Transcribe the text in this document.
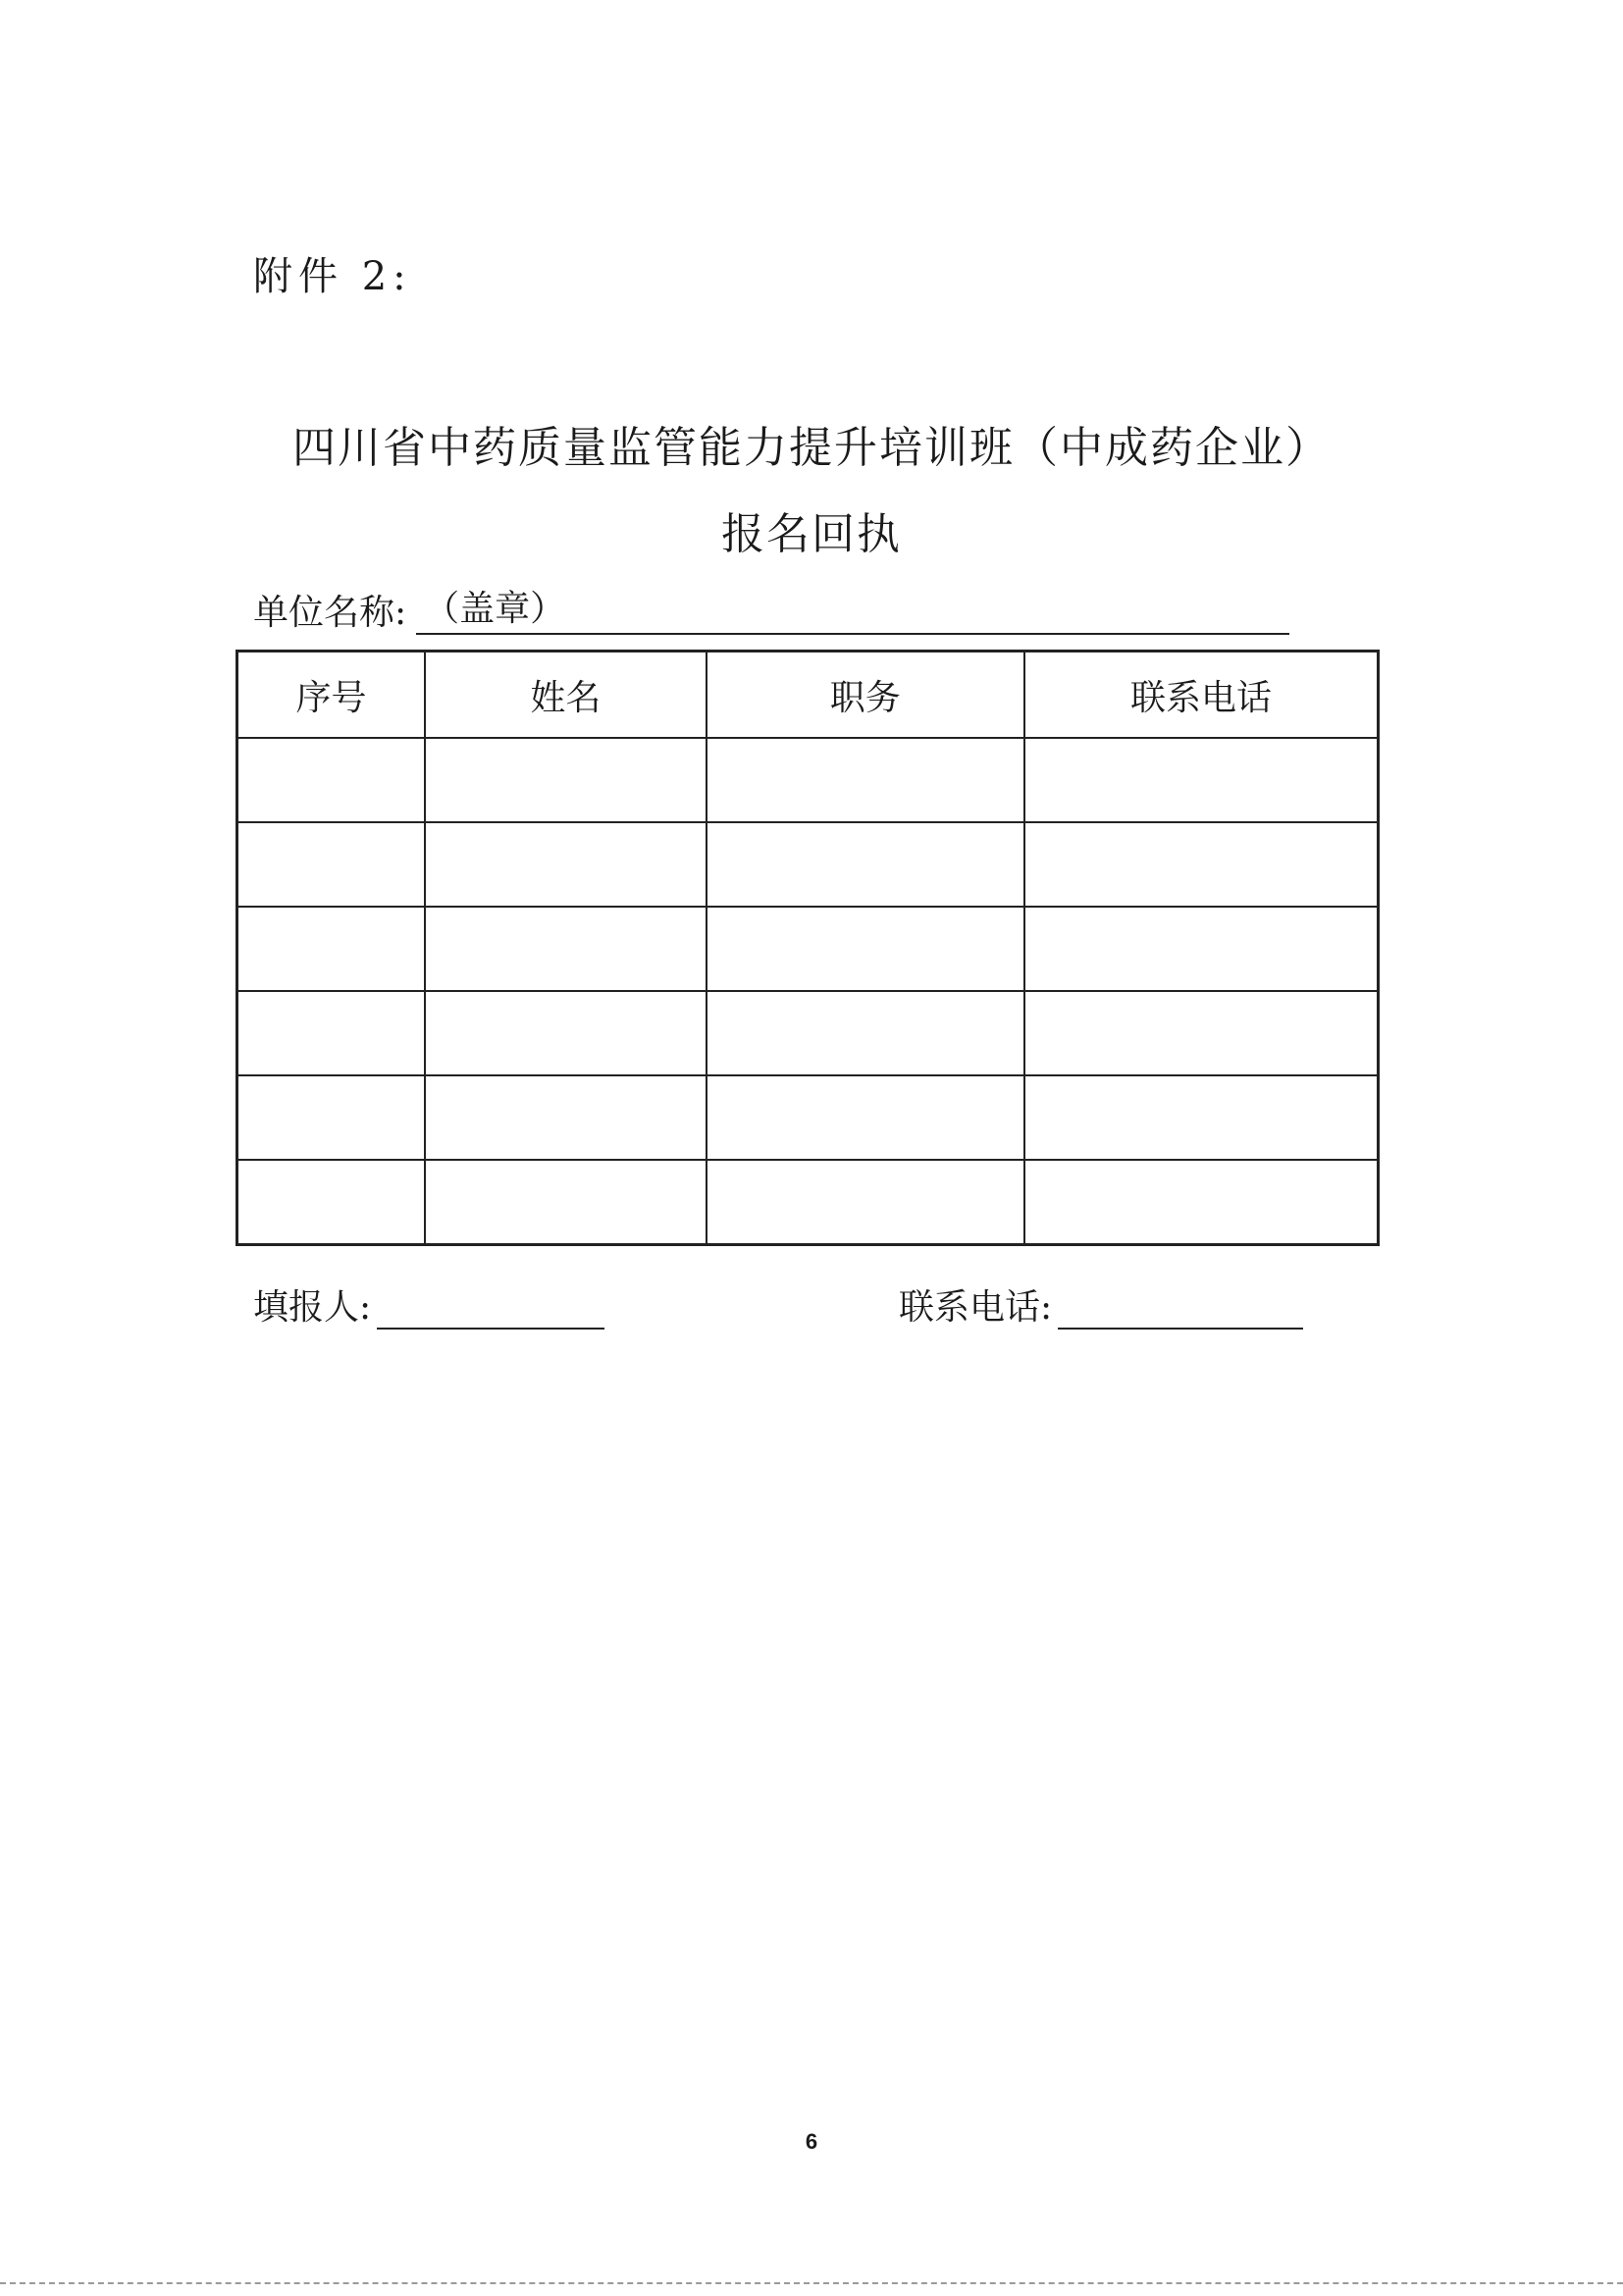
附件 2:
四川省中药质量监管能力提升培训班（中成药企业）
报名回执
单位名称: （盖章）
序号	姓名	职务	联系电话

填报人:	联系电话:
6
